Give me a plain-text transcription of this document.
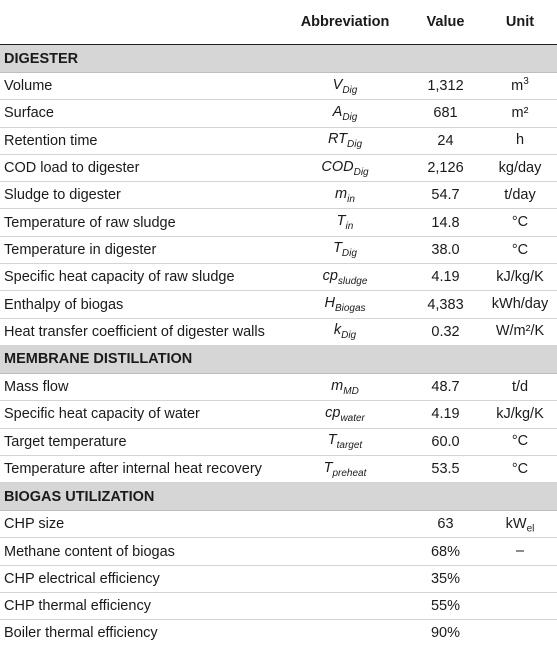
	Abbreviation	Value	Unit
DIGESTER			
Volume	$V_{Dig}$	1,312	$m^3$
Surface	$A_{Dig}$	681	m²
Retention time	$RT_{Dig}$	24	h
COD load to digester	$COD_{Dig}$	2,126	kg/day
Sludge to digester	$m_{in}$	54.7	t/day
Temperature of raw sludge	$T_{in}$	14.8	°C
Temperature in digester	$T_{Dig}$	38.0	°C
Specific heat capacity of raw sludge	$cp_{sludge}$	4.19	kJ/kg/K
Enthalpy of biogas	$H_{Biogas}$	4,383	kWh/day
Heat transfer coefficient of digester walls	$k_{Dig}$	0.32	W/m²/K
MEMBRANE DISTILLATION			
Mass flow	$m_{MD}$	48.7	t/d
Specific heat capacity of water	$cp_{water}$	4.19	kJ/kg/K
Target temperature	$T_{target}$	60.0	°C
Temperature after internal heat recovery	$T_{preheat}$	53.5	°C
BIOGAS UTILIZATION			
CHP size		63	$kW_{el}$
Methane content of biogas		68%	–
CHP electrical efficiency		35%	
CHP thermal efficiency		55%	
Boiler thermal efficiency		90%	
